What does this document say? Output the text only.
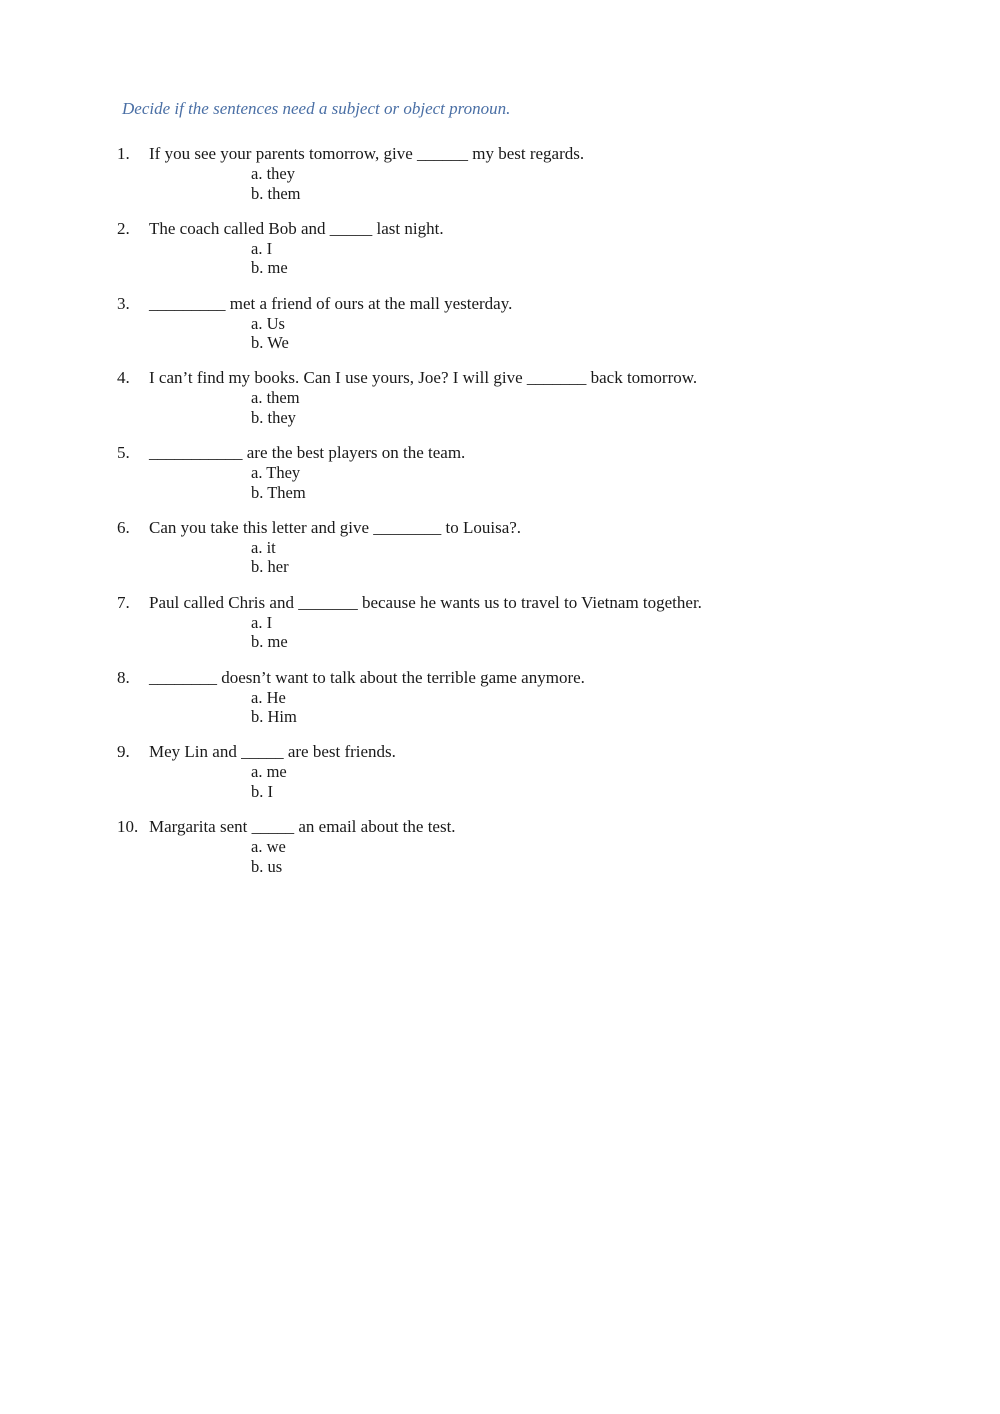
Decide if the sentences need a subject or object pronoun.
1. If you see your parents tomorrow, give ______ my best regards.
a. they
b. them
2. The coach called Bob and _____ last night.
a. I
b. me
3. _________ met a friend of ours at the mall yesterday.
a. Us
b. We
4. I can’t find my books. Can I use yours, Joe? I will give _______ back tomorrow.
a. them
b. they
5. ___________ are the best players on the team.
a. They
b. Them
6. Can you take this letter and give ________ to Louisa?.
a. it
b. her
7. Paul called Chris and _______ because he wants us to travel to Vietnam together.
a. I
b. me
8. ________ doesn’t want to talk about the terrible game anymore.
a. He
b. Him
9. Mey Lin and _____ are best friends.
a. me
b. I
10. Margarita sent _____ an email about the test.
a. we
b. us
